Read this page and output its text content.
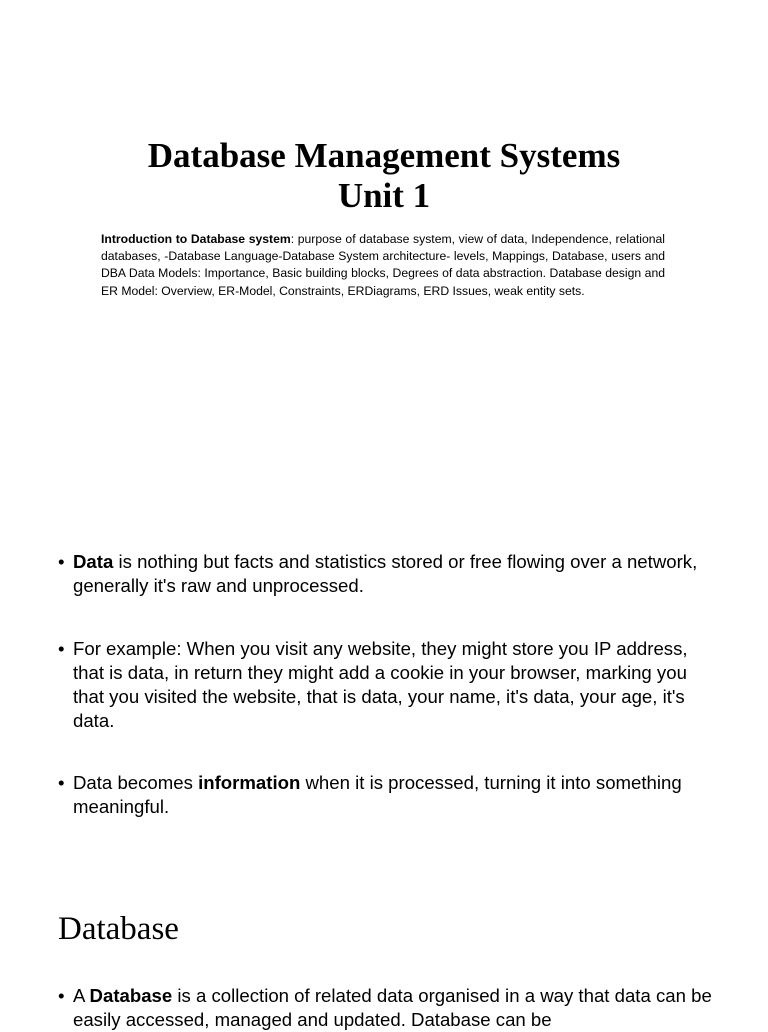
Database Management Systems
Unit 1
Introduction to Database system: purpose of database system, view of data, Independence, relational databases, -Database Language-Database System architecture- levels, Mappings, Database, users and DBA Data Models: Importance, Basic building blocks, Degrees of data abstraction. Database design and ER Model: Overview, ER-Model, Constraints, ERDiagrams, ERD Issues, weak entity sets.
• Data is nothing but facts and statistics stored or free flowing over a network, generally it's raw and unprocessed.
• For example: When you visit any website, they might store you IP address, that is data, in return they might add a cookie in your browser, marking you that you visited the website, that is data, your name, it's data, your age, it's data.
• Data becomes information when it is processed, turning it into something meaningful.
Database
• A Database is a collection of related data organised in a way that data can be easily accessed, managed and updated. Database can be
